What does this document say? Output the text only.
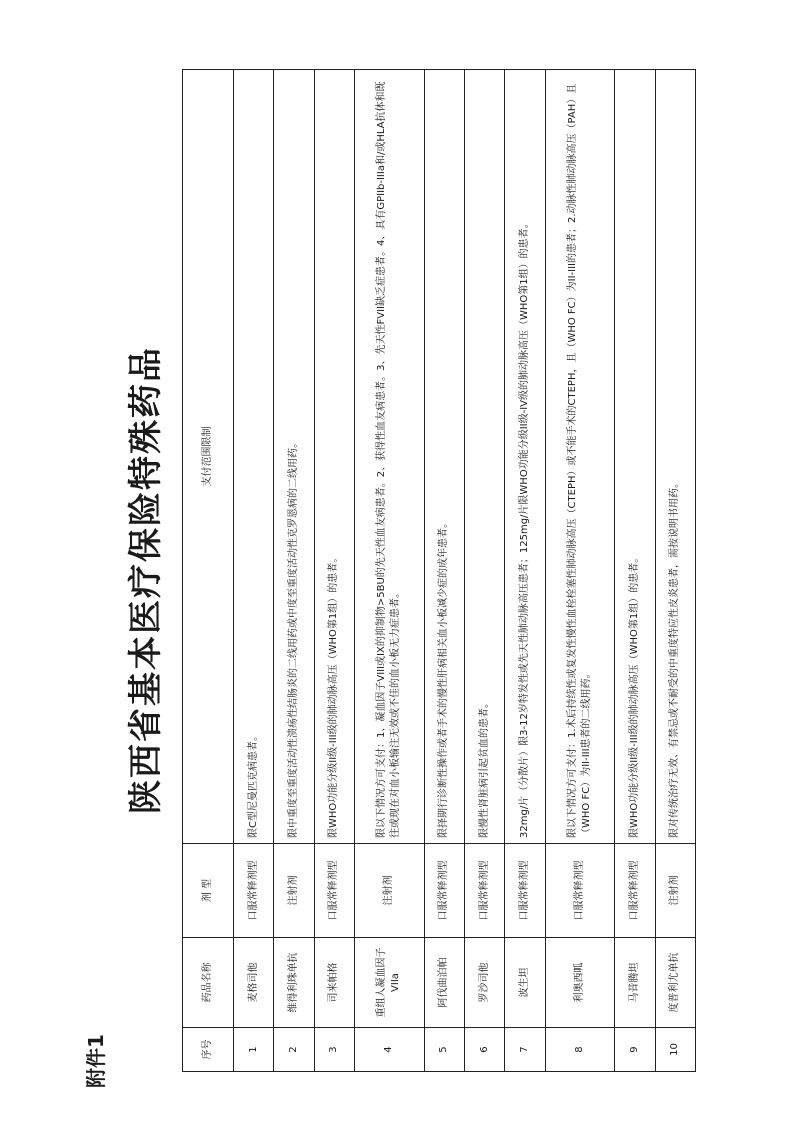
附件1
陕西省基本医疗保险特殊药品
序号	药品名称	剂 型	支付范围限制
1	麦格司他	口服常释剂型	限C型尼曼匹克病患者。
2	维得利珠单抗	注射剂	限中重度至重度活动性溃疡性结肠炎的二线用药或中度至重度活动性克罗恩病的二线用药。
3	司来帕格	口服常释剂型	限WHO功能分级II级-III级的肺动脉高压（WHO第1组）的患者。
4	重组人凝血因子VIIa	注射剂	限以下情况方可支付：1、凝血因子VIII或IX的抑制物>5BU的先天性血友病患者。2、获得性血友病患者。3、先天性FVII缺乏症患者。4、具有GPIIb-IIIa和/或HLA抗体和既往或现在对血小板输注无效或不佳的血小板无力症患者。
5	阿伐曲泊帕	口服常释剂型	限择期行诊断性操作或者手术的慢性肝病相关血小板减少症的成年患者。
6	罗沙司他	口服常释剂型	限慢性肾脏病引起贫血的患者。
7	波生坦	口服常释剂型	32mg/片（分散片）限3-12岁特发性或先天性肺动脉高压患者；125mg/片限WHO功能分级II级-IV级的肺动脉高压（WHO第1组）的患者。
8	利奥西呱	口服常释剂型	限以下情况方可支付：1.术后持续性或复发性慢性血栓栓塞性肺动脉高压（CTEPH）或不能手术的CTEPH，且（WHO FC）为II-III的患者；2.动脉性肺动脉高压（PAH）且（WHO FC）为II-III患者的二线用药。
9	马昔腾坦	口服常释剂型	限WHO功能分级II级-III级的肺动脉高压（WHO第1组）的患者。
10	度普利尤单抗	注射剂	限对传统治疗无效、有禁忌或不耐受的中重度特应性皮炎患者，需按说明书用药。
